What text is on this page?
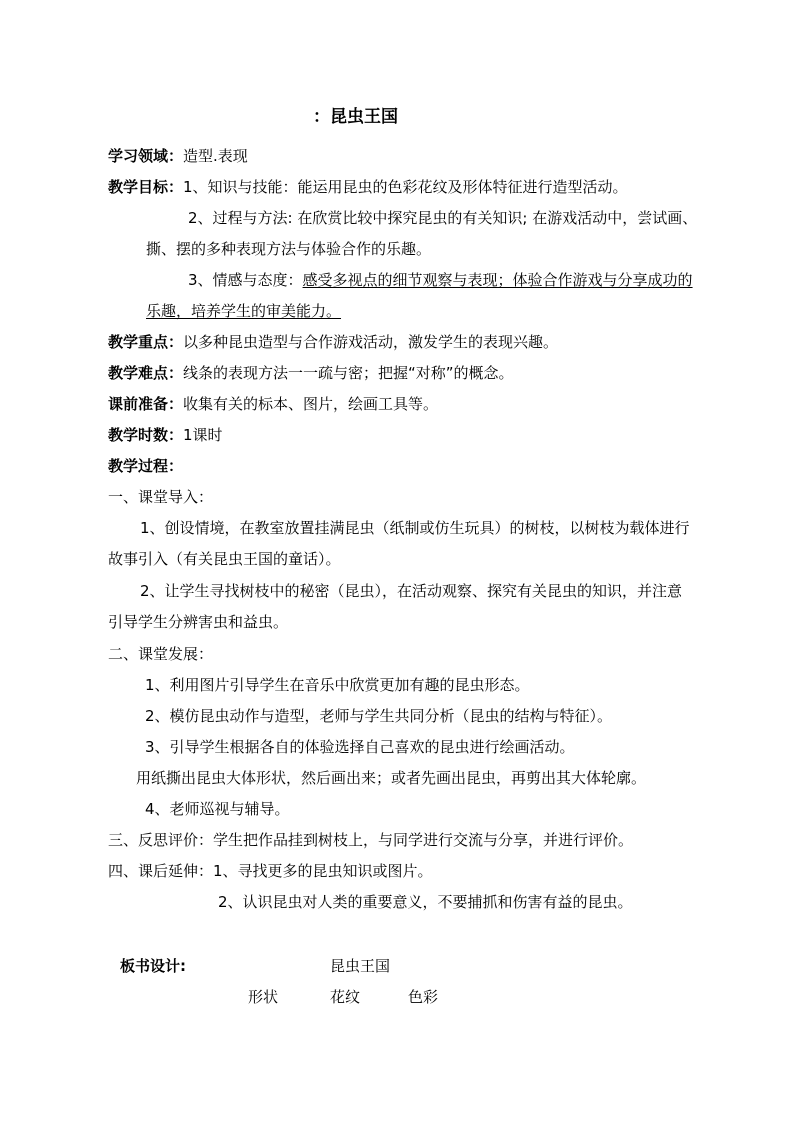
：昆虫王国
学习领域：造型.表现
教学目标：1、知识与技能：能运用昆虫的色彩花纹及形体特征进行造型活动。
2、过程与方法: 在欣赏比较中探究昆虫的有关知识; 在游戏活动中，尝试画、
撕、摆的多种表现方法与体验合作的乐趣。
3、情感与态度：感受多视点的细节观察与表现；体验合作游戏与分享成功的
乐趣，培养学生的审美能力。
教学重点：以多种昆虫造型与合作游戏活动，激发学生的表现兴趣。
教学难点：线条的表现方法一一疏与密；把握“对称”的概念。
课前准备：收集有关的标本、图片，绘画工具等。
教学时数：1课时
教学过程：
一、课堂导入：
1、创设情境，在教室放置挂满昆虫（纸制或仿生玩具）的树枝，以树枝为载体进行
故事引入（有关昆虫王国的童话）。
2、让学生寻找树枝中的秘密（昆虫），在活动观察、探究有关昆虫的知识，并注意
引导学生分辨害虫和益虫。
二、课堂发展：
1、利用图片引导学生在音乐中欣赏更加有趣的昆虫形态。
2、模仿昆虫动作与造型，老师与学生共同分析（昆虫的结构与特征）。
3、引导学生根据各自的体验选择自己喜欢的昆虫进行绘画活动。
用纸撕出昆虫大体形状，然后画出来；或者先画出昆虫，再剪出其大体轮廓。
4、老师巡视与辅导。
三、反思评价：学生把作品挂到树枝上，与同学进行交流与分享，并进行评价。
四、课后延伸：1、寻找更多的昆虫知识或图片。
2、认识昆虫对人类的重要意义，不要捕抓和伤害有益的昆虫。
板书设计:	昆虫王国
形状	花纹	色彩
